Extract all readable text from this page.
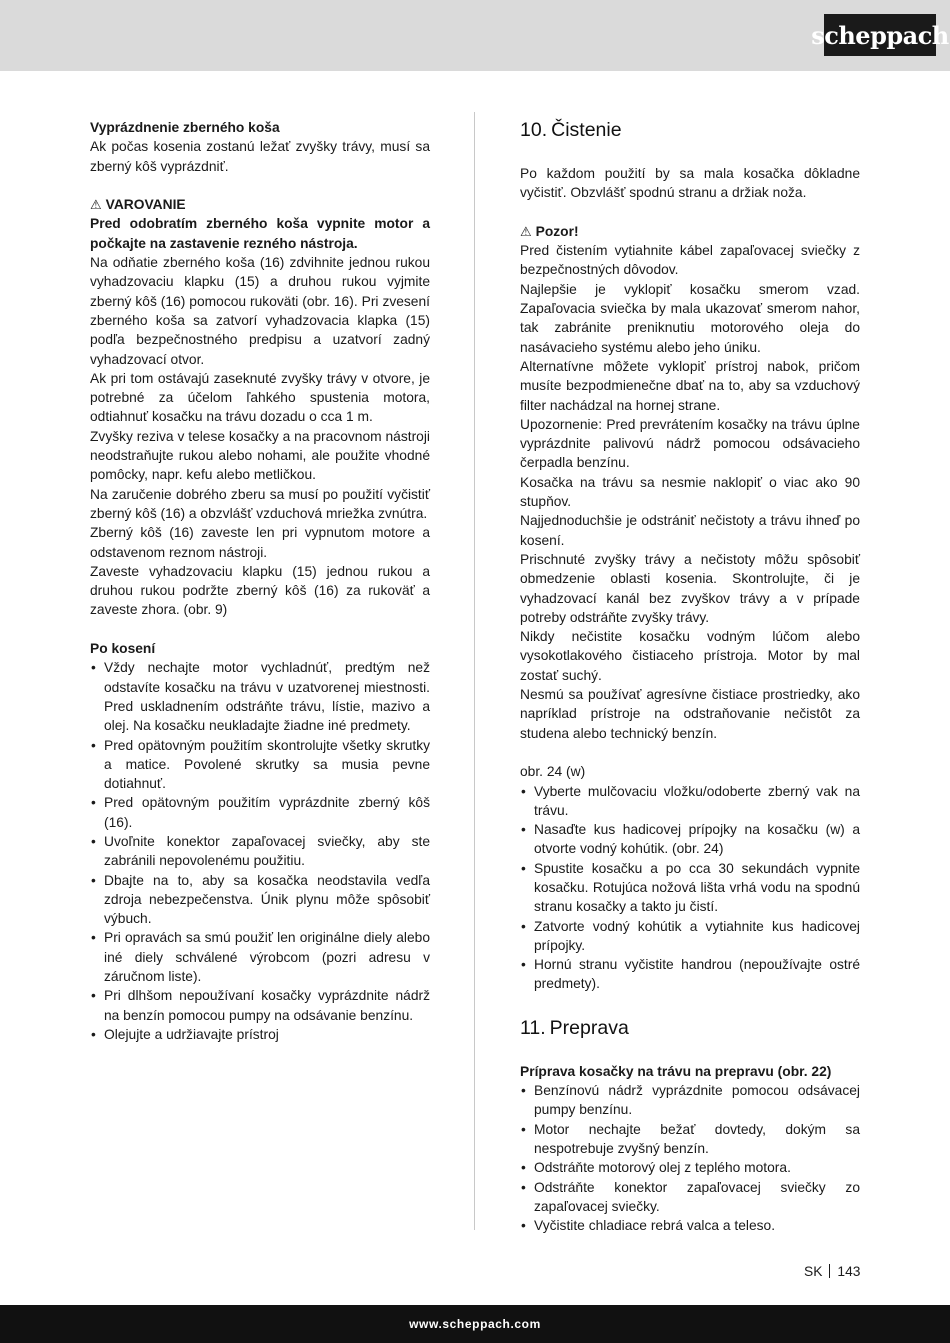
scheppach

Vyprázdnenie zberného koša

Ak počas kosenia zostanú ležať zvyšky trávy, musí sa zberný kôš vyprázdniť.

⚠ VAROVANIE

Pred odobratím zberného koša vypnite motor a počkajte na zastavenie rezného nástroja.

Na odňatie zberného koša (16) zdvihnite jednou rukou vyhadzovaciu klapku (15) a druhou rukou vyjmite zberný kôš (16) pomocou rukoväti (obr. 16). Pri zvesení zberného koša sa zatvorí vyhadzovacia klapka (15) podľa bezpečnostného predpisu a uzatvorí zadný vyhadzovací otvor.

Ak pri tom ostávajú zaseknuté zvyšky trávy v otvore, je potrebné za účelom ľahkého spustenia motora, odtiahnuť kosačku na trávu dozadu o cca 1 m.

Zvyšky reziva v telese kosačky a na pracovnom nástroji neodstraňujte rukou alebo nohami, ale použite vhodné pomôcky, napr. kefu alebo metličkou.

Na zaručenie dobrého zberu sa musí po použití vyčistiť zberný kôš (16) a obzvlášť vzduchová mriežka zvnútra.

Zberný kôš (16) zaveste len pri vypnutom motore a odstavenom reznom nástroji.

Zaveste vyhadzovaciu klapku (15) jednou rukou a druhou rukou podržte zberný kôš (16) za rukoväť a zaveste zhora. (obr. 9)

Po kosení

• Vždy nechajte motor vychladnúť, predtým než odstavíte kosačku na trávu v uzatvorenej miestnosti. Pred uskladnením odstráňte trávu, lístie, mazivo a olej. Na kosačku neukladajte žiadne iné predmety.
• Pred opätovným použitím skontrolujte všetky skrutky a matice. Povolené skrutky sa musia pevne dotiahnuť.
• Pred opätovným použitím vyprázdnite zberný kôš (16).
• Uvoľnite konektor zapaľovacej sviečky, aby ste zabránili nepovolenému použitiu.
• Dbajte na to, aby sa kosačka neodstavila vedľa zdroja nebezpečenstva. Únik plynu môže spôsobiť výbuch.
• Pri opravách sa smú použiť len originálne diely alebo iné diely schválené výrobcom (pozri adresu v záručnom liste).
• Pri dlhšom nepoužívaní kosačky vyprázdnite nádrž na benzín pomocou pumpy na odsávanie benzínu.
• Olejujte a udržiavajte prístroj
10. Čistenie

Po každom použití by sa mala kosačka dôkladne vyčistiť. Obzvlášť spodnú stranu a držiak noža.

⚠ Pozor!

Pred čistením vytiahnite kábel zapaľovacej sviečky z bezpečnostných dôvodov.

Najlepšie je vyklopiť kosačku smerom vzad. Zapaľovacia sviečka by mala ukazovať smerom nahor, tak zabránite preniknutiu motorového oleja do nasávacieho systému alebo jeho úniku.

Alternatívne môžete vyklopiť prístroj nabok, pričom musíte bezpodmienečne dbať na to, aby sa vzduchový filter nachádzal na hornej strane.

Upozornenie: Pred prevrátením kosačky na trávu úplne vyprázdnite palivovú nádrž pomocou odsávacieho čerpadla benzínu.

Kosačka na trávu sa nesmie naklopiť o viac ako 90 stupňov.

Najjednoduchšie je odstrániť nečistoty a trávu ihneď po kosení.

Prischnuté zvyšky trávy a nečistoty môžu spôsobiť obmedzenie oblasti kosenia. Skontrolujte, či je vyhadzovací kanál bez zvyškov trávy a v prípade potreby odstráňte zvyšky trávy.

Nikdy nečistite kosačku vodným lúčom alebo vysokotlakového čistiaceho prístroja. Motor by mal zostať suchý.

Nesmú sa používať agresívne čistiace prostriedky, ako napríklad prístroje na odstraňovanie nečistôt za studena alebo technický benzín.

obr. 24 (w)

• Vyberte mulčovaciu vložku/odoberte zberný vak na trávu.
• Nasaďte kus hadicovej prípojky na kosačku (w) a otvorte vodný kohútik. (obr. 24)
• Spustite kosačku a po cca 30 sekundách vypnite kosačku. Rotujúca nožová lišta vrhá vodu na spodnú stranu kosačky a takto ju čistí.
• Zatvorte vodný kohútik a vytiahnite kus hadicovej prípojky.
• Hornú stranu vyčistite handrou (nepoužívajte ostré predmety).
11. Preprava

Príprava kosačky na trávu na prepravu (obr. 22)

• Benzínovú nádrž vyprázdnite pomocou odsávacej pumpy benzínu.
• Motor nechajte bežať dovtedy, dokým sa nespotrebuje zvyšný benzín.
• Odstráňte motorový olej z teplého motora.
• Odstráňte konektor zapaľovacej sviečky zo zapaľovacej sviečky.
• Vyčistite chladiace rebrá valca a teleso.
SK 143
www.scheppach.com
